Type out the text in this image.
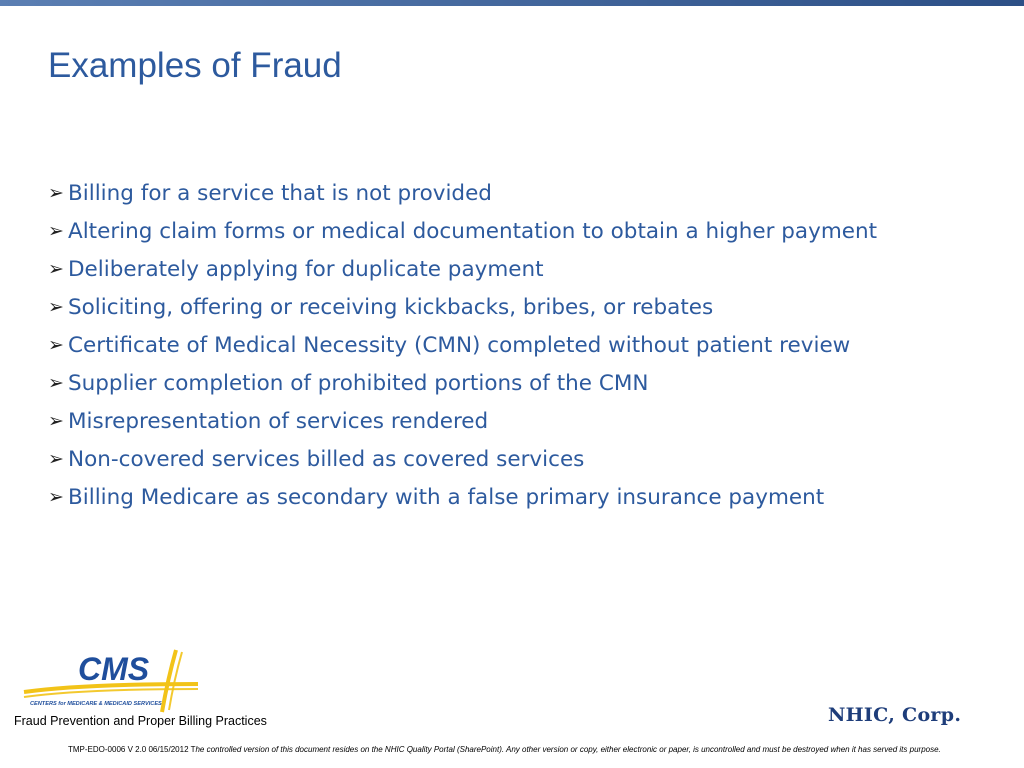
Examples of Fraud
➢ Billing for a service that is not provided
➢ Altering claim forms or medical documentation to obtain a higher payment
➢ Deliberately applying for duplicate payment
➢ Soliciting, offering or receiving kickbacks, bribes, or rebates
➢ Certificate of Medical Necessity (CMN) completed without patient review
➢ Supplier completion of prohibited portions of the CMN
➢ Misrepresentation of services rendered
➢ Non-covered services billed as covered services
➢ Billing Medicare as secondary with a false primary insurance payment
CMS
CENTERS for MEDICARE & MEDICAID SERVICES
Fraud Prevention and Proper Billing Practices	NHIC, Corp.
TMP-EDO-0006 V 2.0 06/15/2012 The controlled version of this document resides on the NHIC Quality Portal (SharePoint). Any other version or copy, either electronic or paper, is uncontrolled and must be destroyed when it has served its purpose.
